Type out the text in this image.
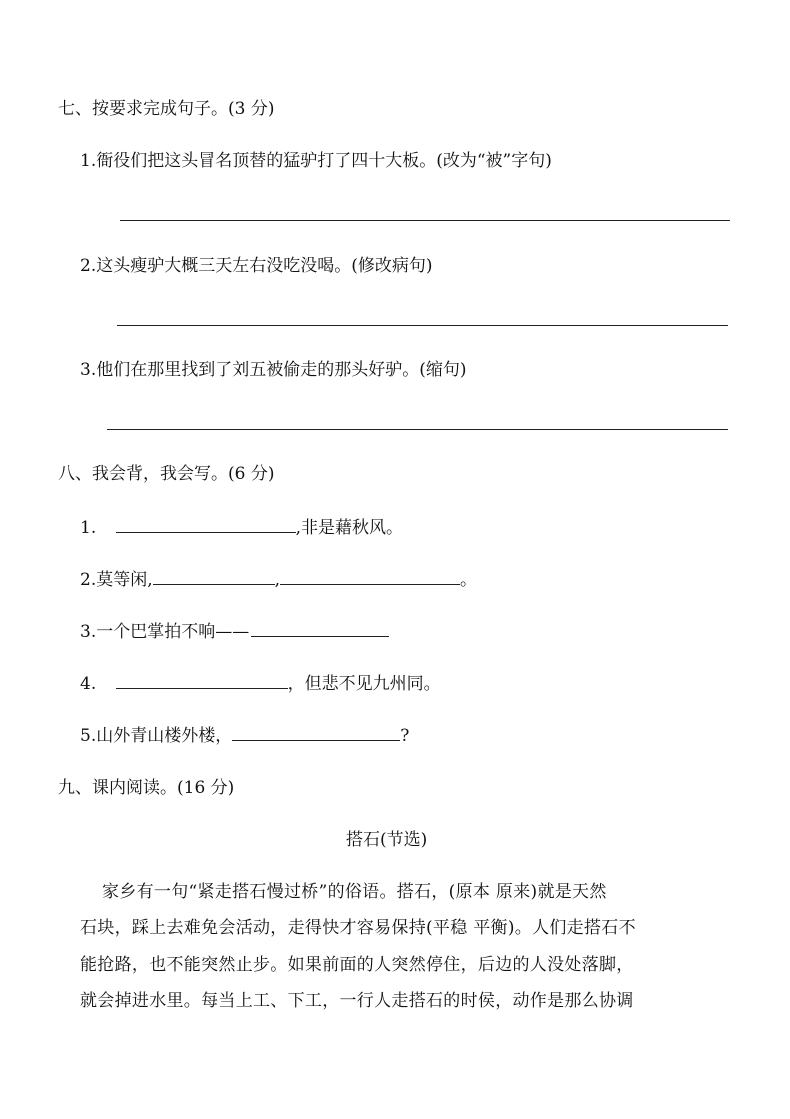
七、按要求完成句子。(3 分)
1.衙役们把这头冒名顶替的猛驴打了四十大板。(改为“被”字句)
2.这头瘦驴大概三天左右没吃没喝。(修改病句)
3.他们在那里找到了刘五被偷走的那头好驴。(缩句)
八、我会背，我会写。(6 分)
1.	,非是藉秋风。
2.莫等闲,	,	。
3.一个巴掌拍不响——
4.	，但悲不见九州同。
5.山外青山楼外楼，	?
九、课内阅读。(16 分)
搭石(节选)
家乡有一句“紧走搭石慢过桥”的俗语。搭石，(原本 原来)就是天然
石块，踩上去难免会活动，走得快才容易保持(平稳 平衡)。人们走搭石不
能抢路，也不能突然止步。如果前面的人突然停住，后边的人没处落脚，
就会掉进水里。每当上工、下工，一行人走搭石的时侯，动作是那么协调
